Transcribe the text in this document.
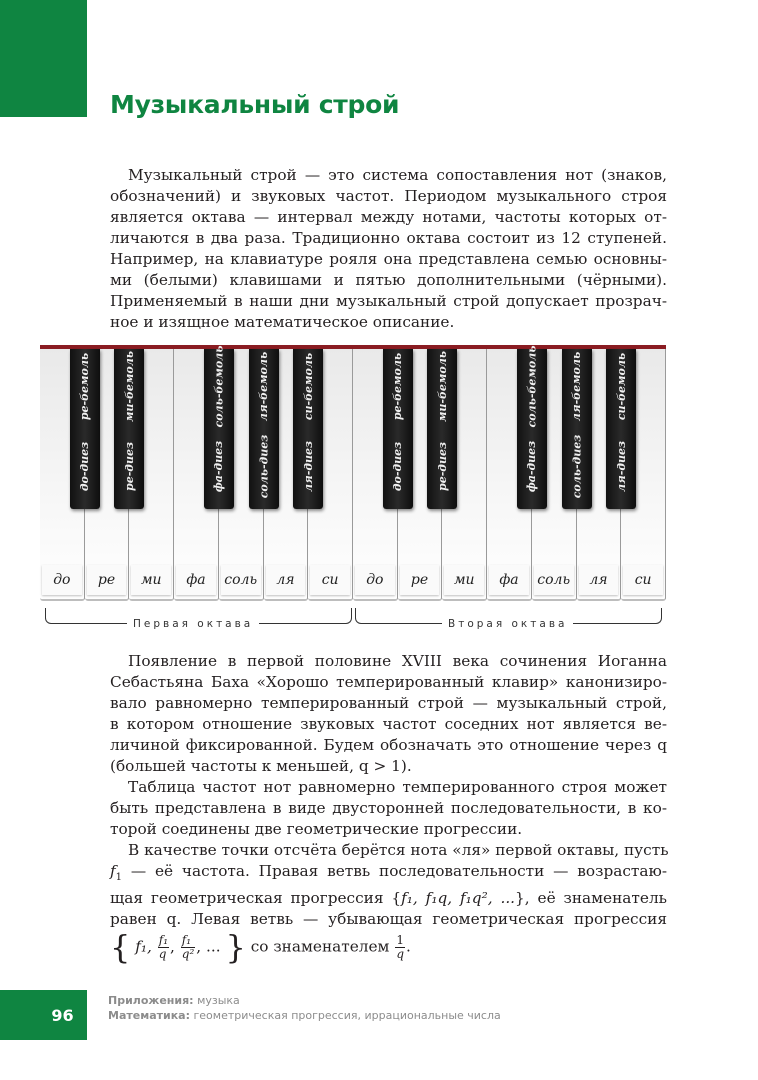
Музыкальный строй
Музыкальный строй — это система сопоставления нот (знаков,
обозначений) и звуковых частот. Периодом музыкального строя
является октава — интервал между нотами, частоты которых от-
личаются в два раза. Традиционно октава состоит из 12 ступеней.
Например, на клавиатуре рояля она представлена семью основны-
ми (белыми) клавишами и пятью дополнительными (чёрными).
Применяемый в наши дни музыкальный строй допускает прозрач-
ное и изящное математическое описание.
до	ре	ми	фа	соль	ля	си	до	ре	ми	фа	соль	ля	си
ре-бемоль
до-диез
ми-бемоль
ре-диез
соль-бемоль
фа-диез
ля-бемоль
соль-диез
си-бемоль
ля-диез
ре-бемоль
до-диез
ми-бемоль
ре-диез
соль-бемоль
фа-диез
ля-бемоль
соль-диез
си-бемоль
ля-диез
Первая октава	Вторая октава
Появление в первой половине XVIII века сочинения Иоганна
Себастьяна Баха «Хорошо темперированный клавир» канонизиро-
вало равномерно темперированный строй — музыкальный строй,
в котором отношение звуковых частот соседних нот является ве-
личиной фиксированной. Будем обозначать это отношение через q
(большей частоты к меньшей, q > 1).
Таблица частот нот равномерно темперированного строя может
быть представлена в виде двусторонней последовательности, в ко-
торой соединены две геометрические прогрессии.
В качестве точки отсчёта берётся нота «ля» первой октавы, пусть
$f_1$ — её частота. Правая ветвь последовательности — возрастаю-
щая геометрическая прогрессия {f₁, f₁q, f₁q², ...}, её знаменатель
равен q. Левая ветвь — убывающая геометрическая прогрессия
{ f₁, $\frac{\text{f₁}}{q}$ , $\frac{\text{f₁}}{\text{q²}}$ , ... } со знаменателем $\frac{1}{q}$ .
96
Приложения: музыка
Математика: геометрическая прогрессия, иррациональные числа
